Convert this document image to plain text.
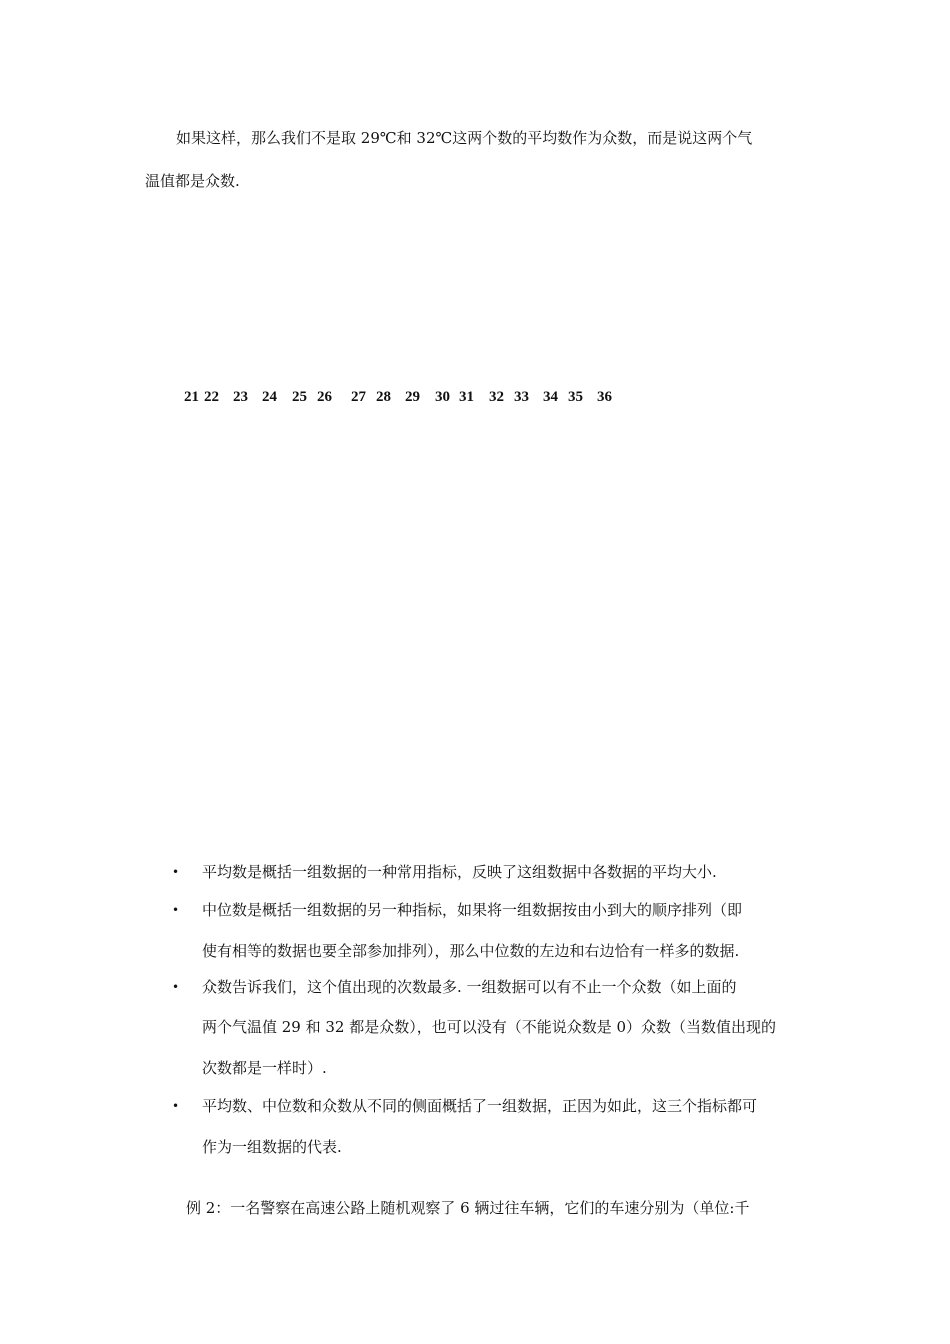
如果这样，那么我们不是取 29℃和 32℃这两个数的平均数作为众数，而是说这两个气
温值都是众数.
21 22 23 24 25 26 27 28 29 30 31 32 33 34 35 36
• 平均数是概括一组数据的一种常用指标，反映了这组数据中各数据的平均大小.
• 中位数是概括一组数据的另一种指标，如果将一组数据按由小到大的顺序排列（即
使有相等的数据也要全部参加排列），那么中位数的左边和右边恰有一样多的数据.
• 众数告诉我们，这个值出现的次数最多. 一组数据可以有不止一个众数（如上面的
两个气温值 29 和 32 都是众数），也可以没有（不能说众数是 0）众数（当数值出现的
次数都是一样时）.
• 平均数、中位数和众数从不同的侧面概括了一组数据，正因为如此，这三个指标都可
作为一组数据的代表.
例 2：一名警察在高速公路上随机观察了 6 辆过往车辆，它们的车速分别为（单位:千
